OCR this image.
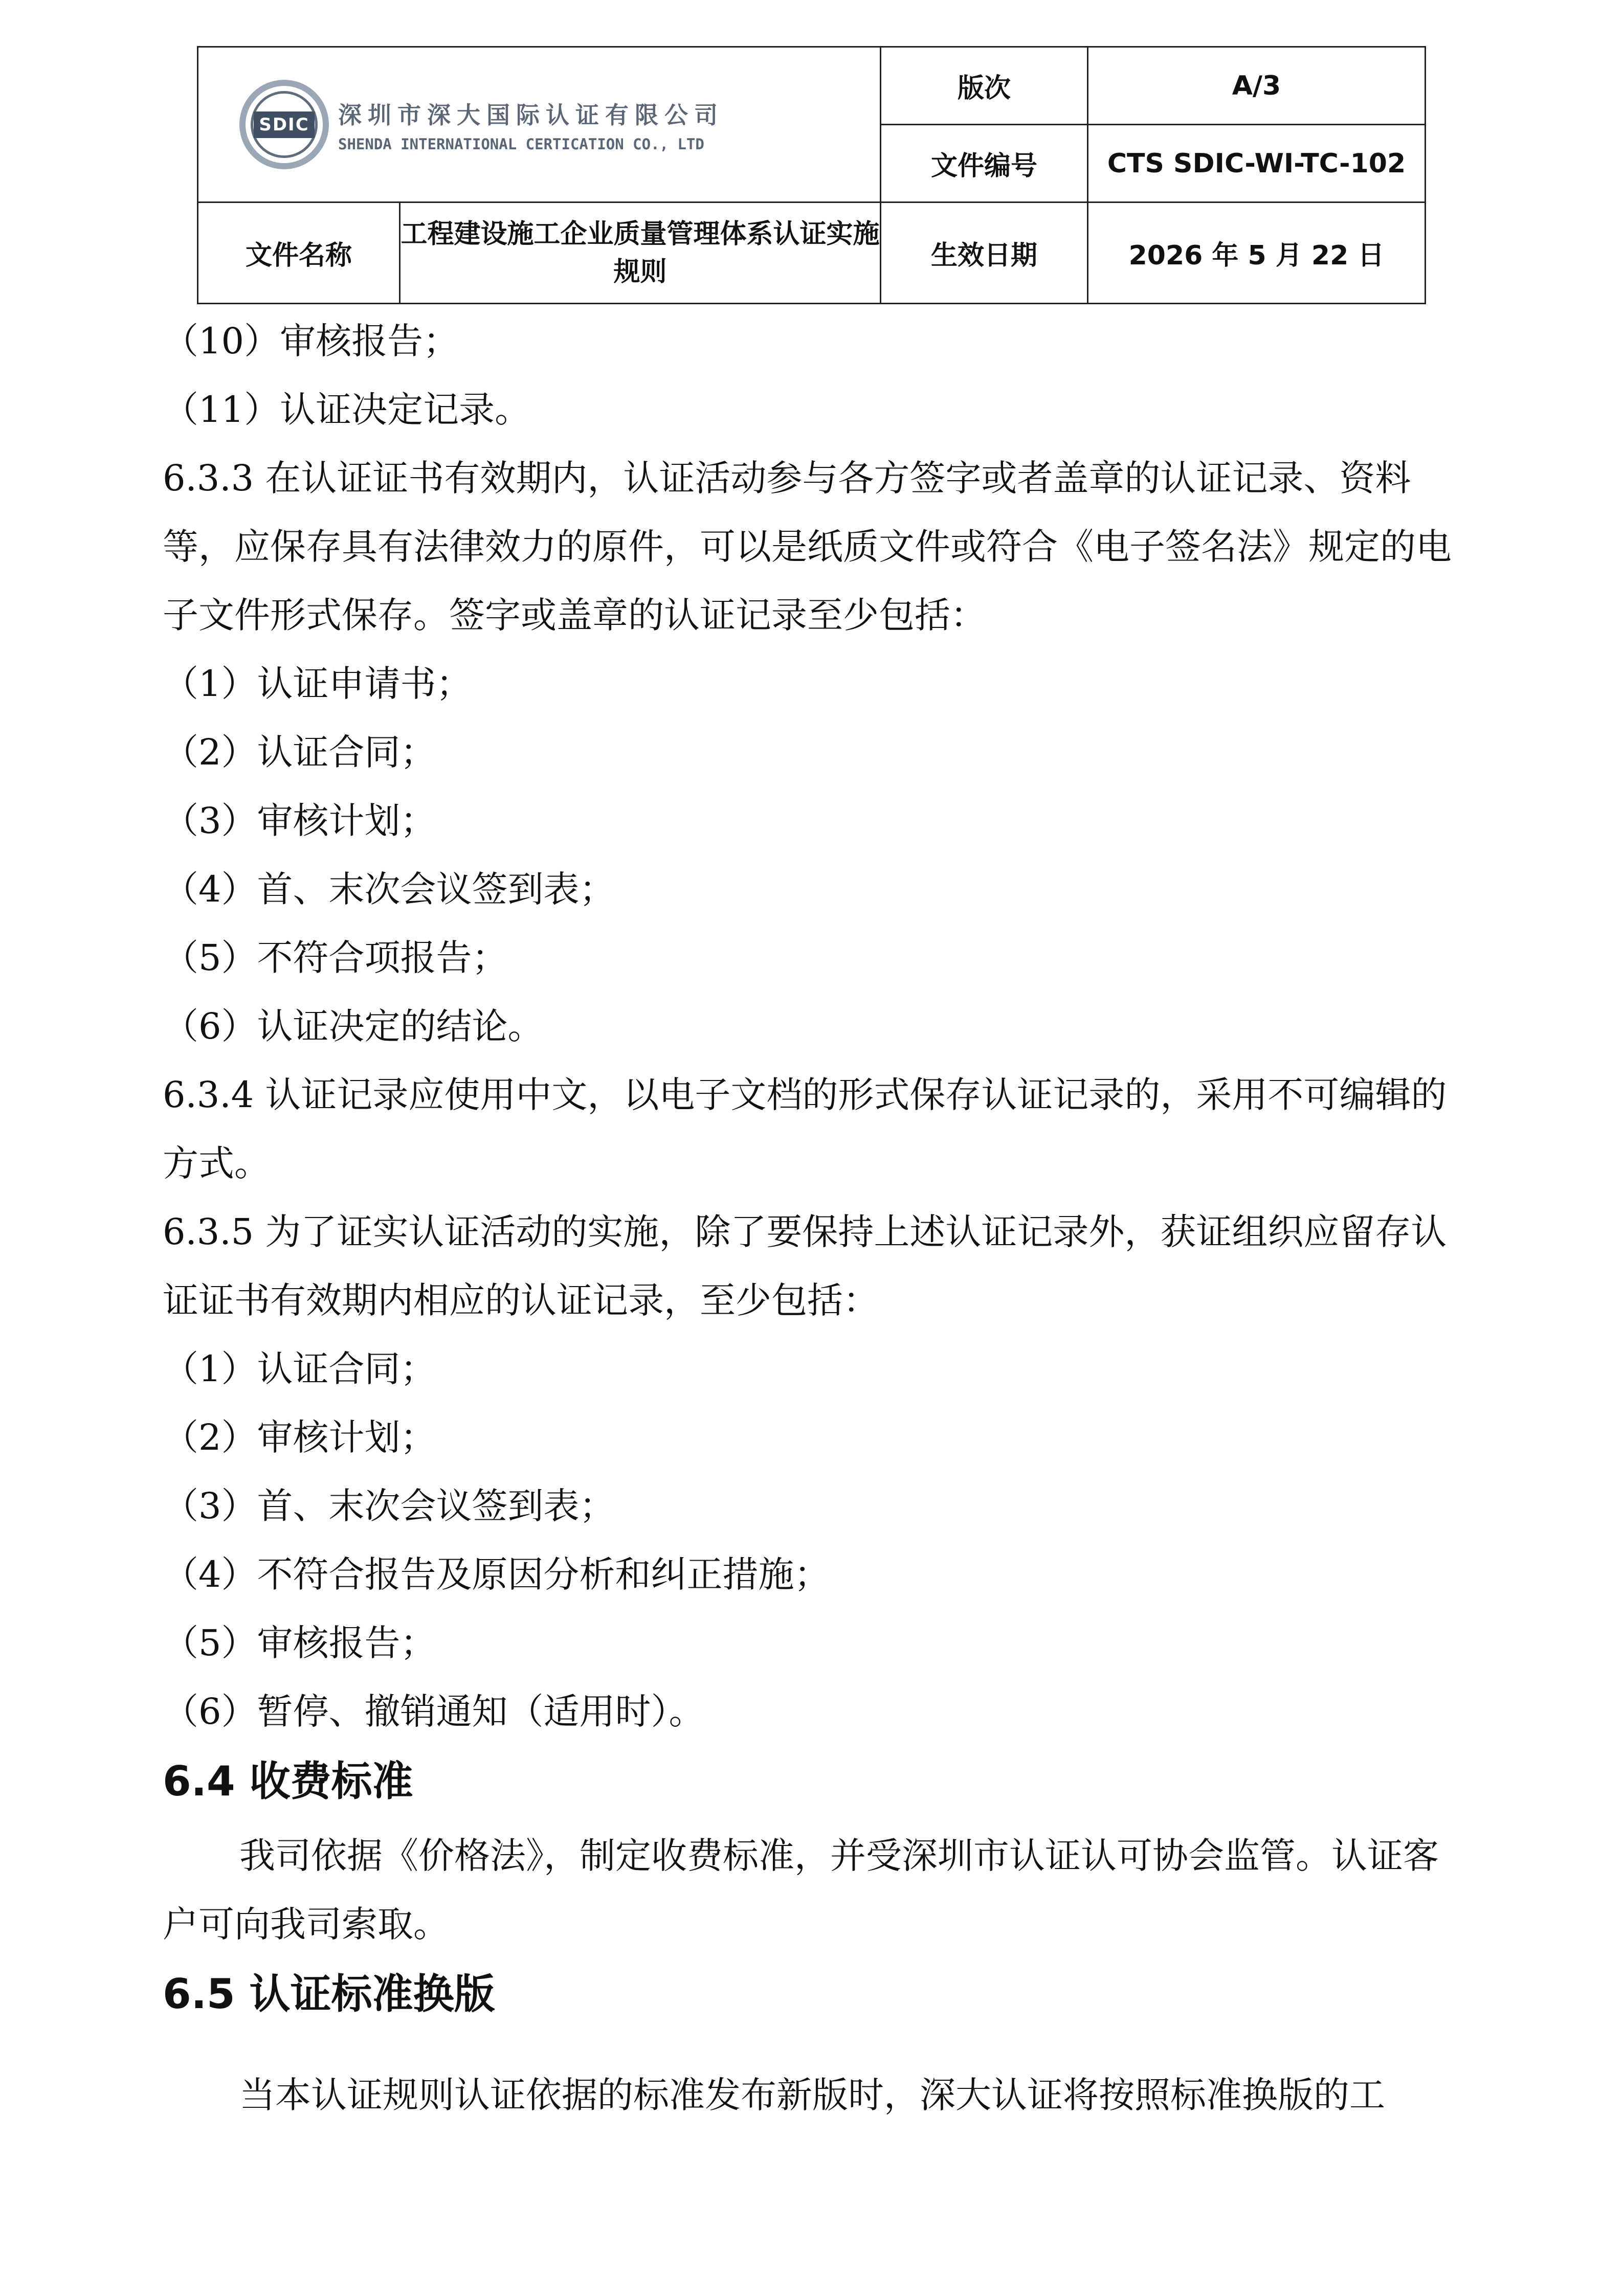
SDIC 深圳市深大国际认证有限公司
SHENDA INTERNATIONAL CERTICATION CO., LTD		版次	A/3
		文件编号	CTS SDIC-WI-TC-102
文件名称	工程建设施工企业质量管理体系认证实施规则	生效日期	2026 年 5 月 22 日

（10）审核报告；

（11）认证决定记录。

6.3.3 在认证证书有效期内，认证活动参与各方签字或者盖章的认证记录、资料等，应保存具有法律效力的原件，可以是纸质文件或符合《电子签名法》规定的电子文件形式保存。签字或盖章的认证记录至少包括：

（1）认证申请书；

（2）认证合同；

（3）审核计划；

（4）首、末次会议签到表；

（5）不符合项报告；

（6）认证决定的结论。

6.3.4 认证记录应使用中文，以电子文档的形式保存认证记录的，采用不可编辑的方式。

6.3.5 为了证实认证活动的实施，除了要保持上述认证记录外，获证组织应留存认证证书有效期内相应的认证记录，至少包括：

（1）认证合同；

（2）审核计划；

（3）首、末次会议签到表；

（4）不符合报告及原因分析和纠正措施；

（5）审核报告；

（6）暂停、撤销通知（适用时）。

6.4 收费标准

我司依据《价格法》，制定收费标准，并受深圳市认证认可协会监管。认证客户可向我司索取。

6.5 认证标准换版

当本认证规则认证依据的标准发布新版时，深大认证将按照标准换版的工
